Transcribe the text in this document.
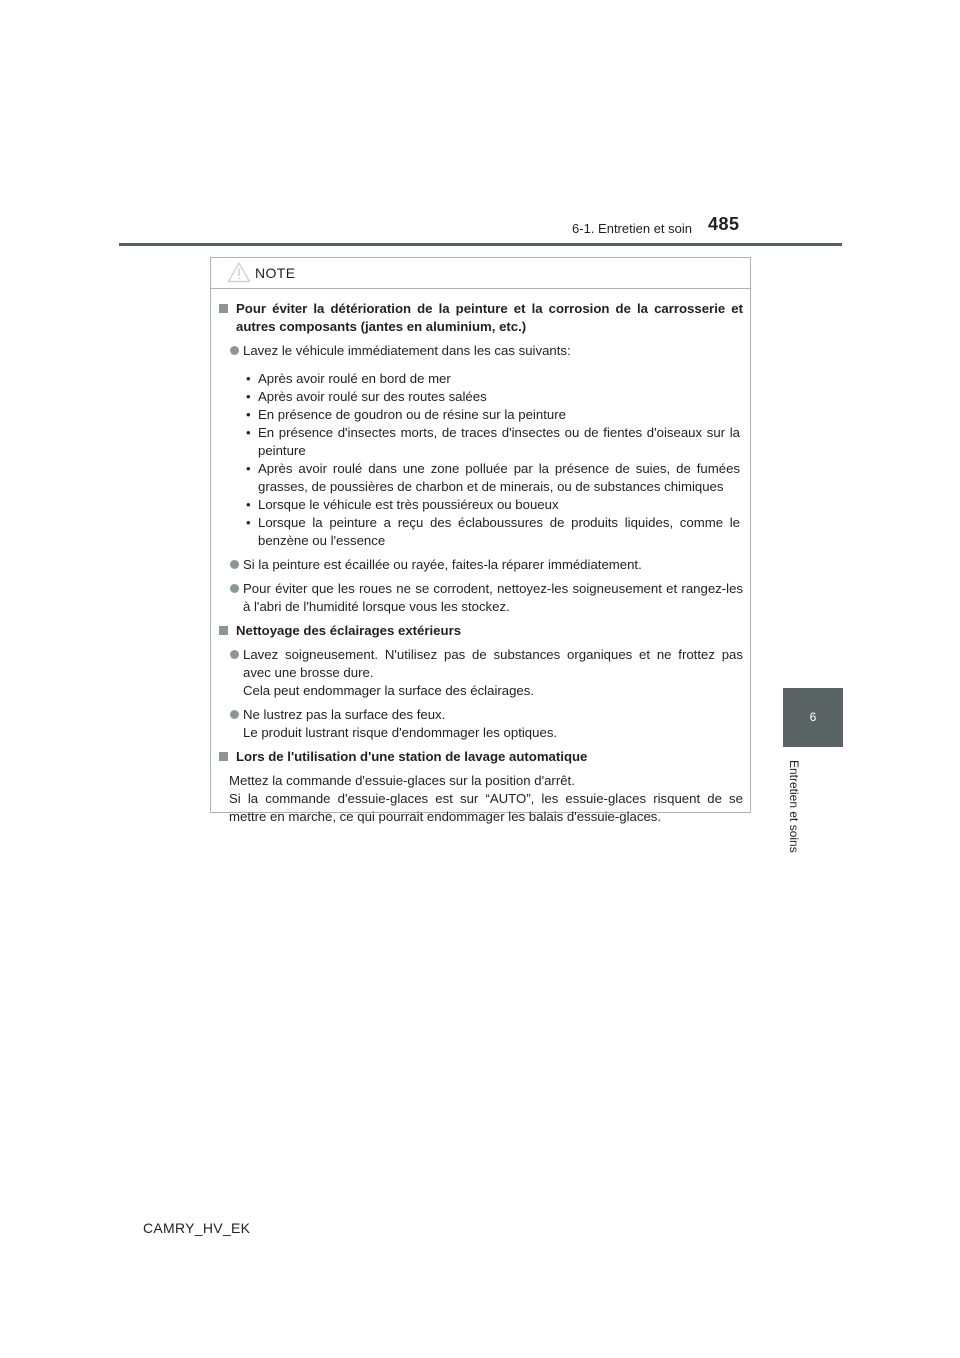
6-1. Entretien et soin 485
6
Entretien et soins
NOTE
Pour éviter la détérioration de la peinture et la corrosion de la carrosserie et autres composants (jantes en aluminium, etc.)
Lavez le véhicule immédiatement dans les cas suivants:
• Après avoir roulé en bord de mer
• Après avoir roulé sur des routes salées
• En présence de goudron ou de résine sur la peinture
• En présence d'insectes morts, de traces d'insectes ou de fientes d'oiseaux sur la peinture
• Après avoir roulé dans une zone polluée par la présence de suies, de fumées grasses, de poussières de charbon et de minerais, ou de substances chimiques
• Lorsque le véhicule est très poussiéreux ou boueux
• Lorsque la peinture a reçu des éclaboussures de produits liquides, comme le benzène ou l'essence
Si la peinture est écaillée ou rayée, faites-la réparer immédiatement.
Pour éviter que les roues ne se corrodent, nettoyez-les soigneusement et rangez-les à l'abri de l'humidité lorsque vous les stockez.
Nettoyage des éclairages extérieurs
Lavez soigneusement. N'utilisez pas de substances organiques et ne frottez pas avec une brosse dure.
Cela peut endommager la surface des éclairages.
Ne lustrez pas la surface des feux.
Le produit lustrant risque d'endommager les optiques.
Lors de l'utilisation d'une station de lavage automatique
Mettez la commande d'essuie-glaces sur la position d'arrêt.
Si la commande d'essuie-glaces est sur “AUTO”, les essuie-glaces risquent de se mettre en marche, ce qui pourrait endommager les balais d'essuie-glaces.
CAMRY_HV_EK
